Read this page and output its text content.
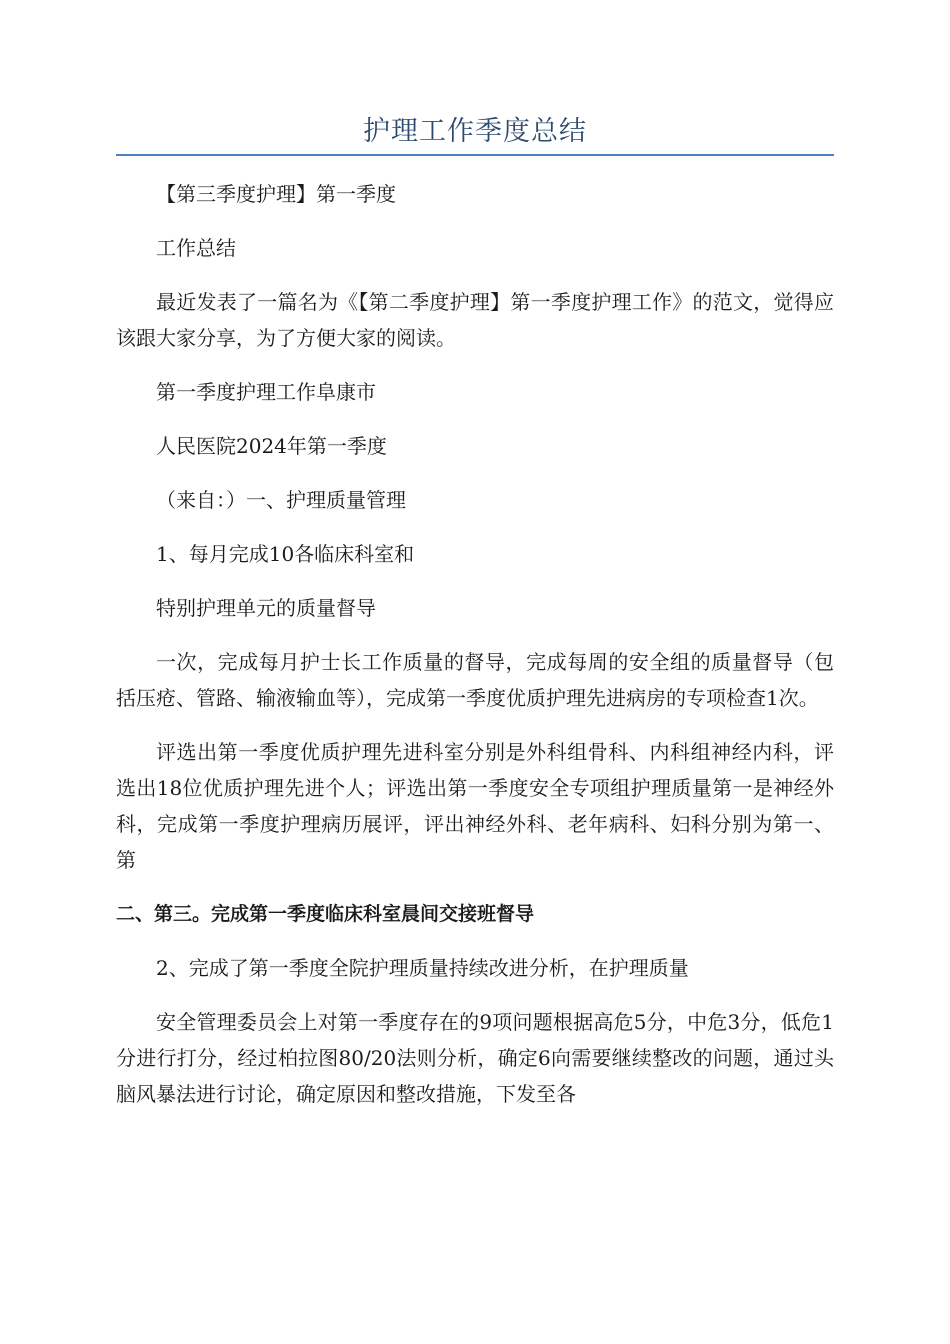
护理工作季度总结

【第三季度护理】第一季度

工作总结

最近发表了一篇名为《【第二季度护理】第一季度护理工作》的范文，觉得应该跟大家分享，为了方便大家的阅读。

第一季度护理工作阜康市

人民医院2024年第一季度

（来自：）一、护理质量管理

1、每月完成10各临床科室和

特别护理单元的质量督导

一次，完成每月护士长工作质量的督导，完成每周的安全组的质量督导（包括压疮、管路、输液输血等），完成第一季度优质护理先进病房的专项检查1次。

评选出第一季度优质护理先进科室分别是外科组骨科、内科组神经内科，评选出18位优质护理先进个人；评选出第一季度安全专项组护理质量第一是神经外科，完成第一季度护理病历展评，评出神经外科、老年病科、妇科分别为第一、第

二、第三。完成第一季度临床科室晨间交接班督导

2、完成了第一季度全院护理质量持续改进分析，在护理质量

安全管理委员会上对第一季度存在的9项问题根据高危5分，中危3分，低危1分进行打分，经过柏拉图80/20法则分析，确定6向需要继续整改的问题，通过头脑风暴法进行讨论，确定原因和整改措施，下发至各
